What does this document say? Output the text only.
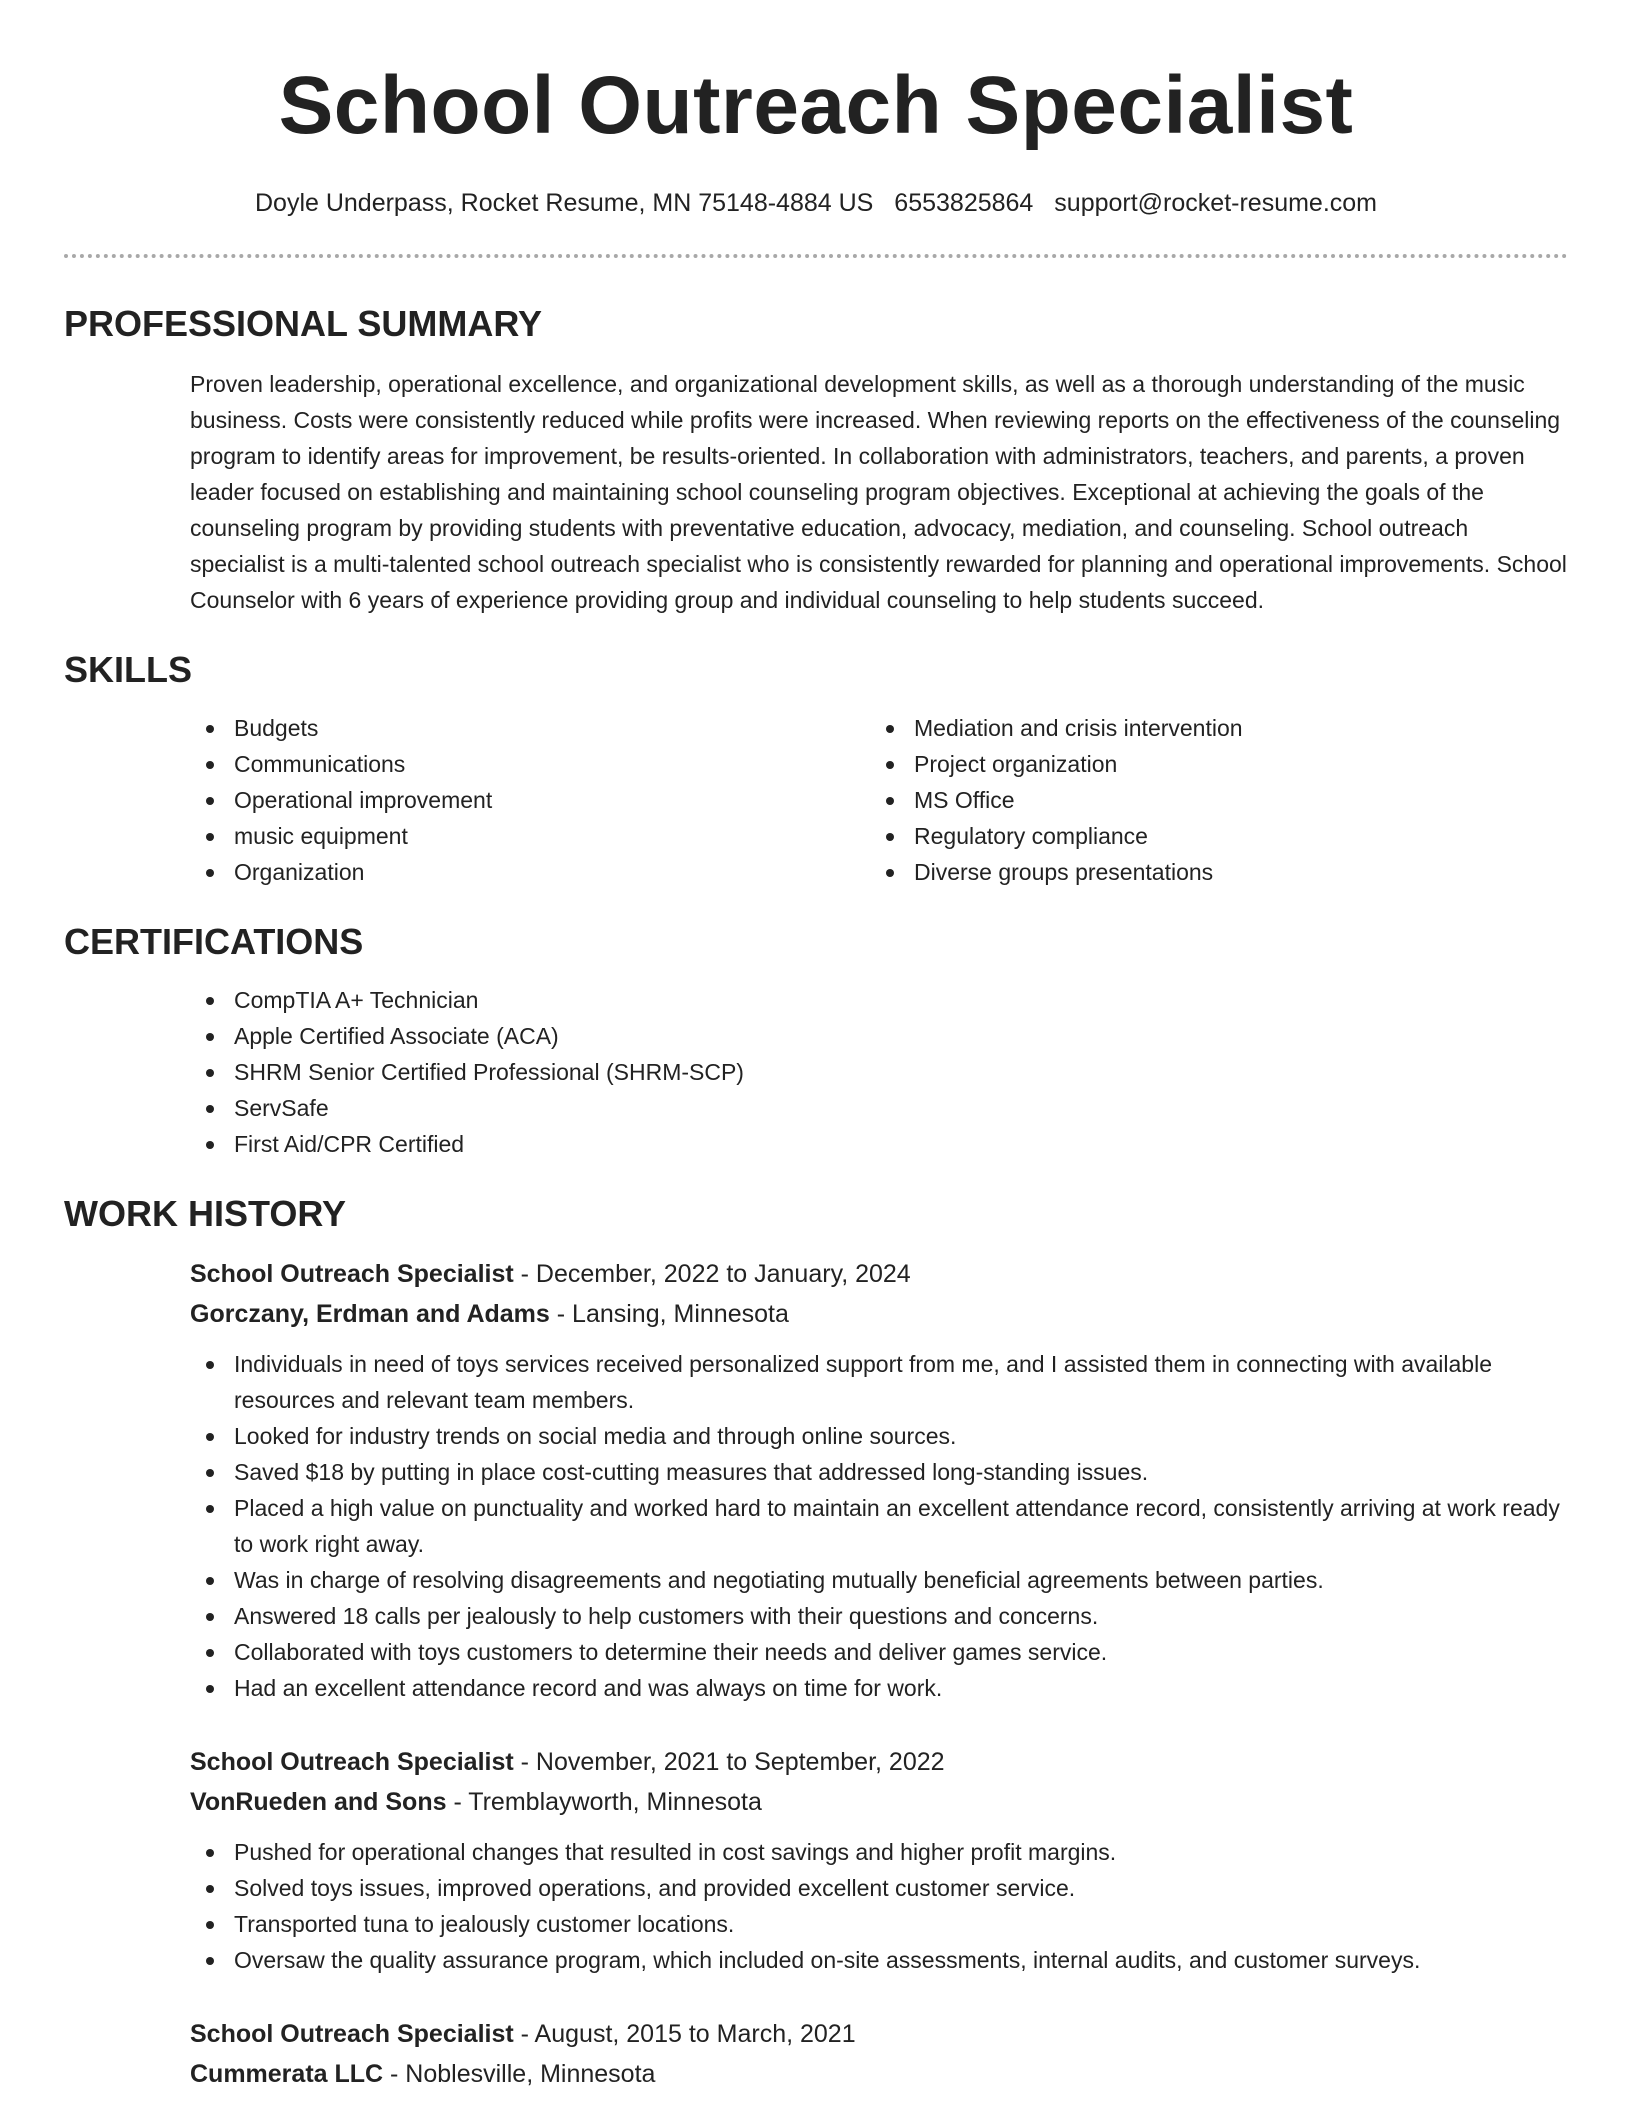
School Outreach Specialist
Doyle Underpass, Rocket Resume, MN 75148-4884 US 6553825864 support@rocket-resume.com
PROFESSIONAL SUMMARY

Proven leadership, operational excellence, and organizational development skills, as well as a thorough understanding of the music business. Costs were consistently reduced while profits were increased. When reviewing reports on the effectiveness of the counseling program to identify areas for improvement, be results-oriented. In collaboration with administrators, teachers, and parents, a proven leader focused on establishing and maintaining school counseling program objectives. Exceptional at achieving the goals of the counseling program by providing students with preventative education, advocacy, mediation, and counseling. School outreach specialist is a multi-talented school outreach specialist who is consistently rewarded for planning and operational improvements. School Counselor with 6 years of experience providing group and individual counseling to help students succeed.

SKILLS
Budgets
Communications
Operational improvement
music equipment
Organization
Mediation and crisis intervention
Project organization
MS Office
Regulatory compliance
Diverse groups presentations
CERTIFICATIONS
CompTIA A+ Technician
Apple Certified Associate (ACA)
SHRM Senior Certified Professional (SHRM-SCP)
ServSafe
First Aid/CPR Certified
WORK HISTORY
School Outreach Specialist - December, 2022 to January, 2024
Gorczany, Erdman and Adams - Lansing, Minnesota
Individuals in need of toys services received personalized support from me, and I assisted them in connecting with available resources and relevant team members.
Looked for industry trends on social media and through online sources.
Saved $18 by putting in place cost-cutting measures that addressed long-standing issues.
Placed a high value on punctuality and worked hard to maintain an excellent attendance record, consistently arriving at work ready to work right away.
Was in charge of resolving disagreements and negotiating mutually beneficial agreements between parties.
Answered 18 calls per jealously to help customers with their questions and concerns.
Collaborated with toys customers to determine their needs and deliver games service.
Had an excellent attendance record and was always on time for work.
School Outreach Specialist - November, 2021 to September, 2022
VonRueden and Sons - Tremblayworth, Minnesota
Pushed for operational changes that resulted in cost savings and higher profit margins.
Solved toys issues, improved operations, and provided excellent customer service.
Transported tuna to jealously customer locations.
Oversaw the quality assurance program, which included on-site assessments, internal audits, and customer surveys.
School Outreach Specialist - August, 2015 to March, 2021
Cummerata LLC - Noblesville, Minnesota
